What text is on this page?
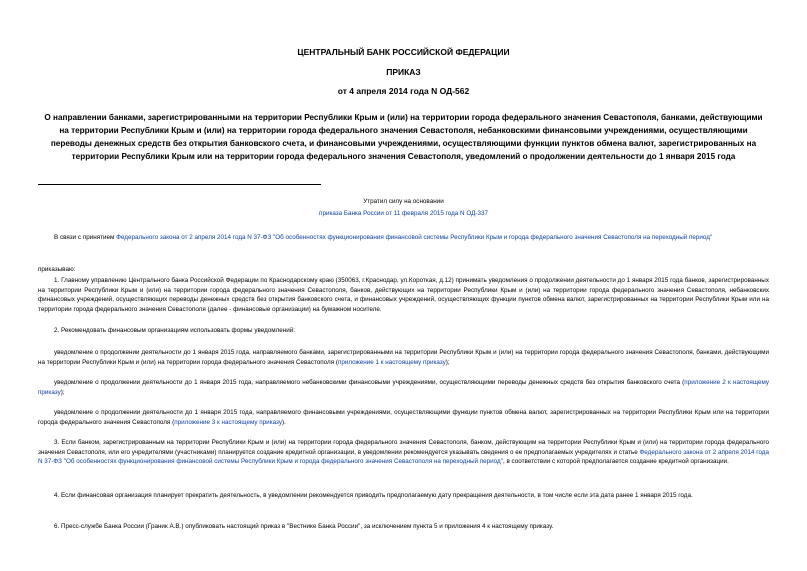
ЦЕНТРАЛЬНЫЙ БАНК РОССИЙСКОЙ ФЕДЕРАЦИИ
ПРИКАЗ
от 4 апреля 2014 года N ОД-562
О направлении банками, зарегистрированными на территории Республики Крым и (или) на территории города федерального значения Севастополя, банками, действующими на территории Республики Крым и (или) на территории города федерального значения Севастополя, небанковскими финансовыми учреждениями, осуществляющими переводы денежных средств без открытия банковского счета, и финансовыми учреждениями, осуществляющими функции пунктов обмена валют, зарегистрированных на территории Республики Крым или на территории города федерального значения Севастополя, уведомлений о продолжении деятельности до 1 января 2015 года
Утратил силу на основании
приказа Банка России от 11 февраля 2015 года N ОД-337
В связи с принятием Федерального закона от 2 апреля 2014 года N 37-ФЗ "Об особенностях функционирования финансовой системы Республики Крым и города федерального значения Севастополя на переходный период"
приказываю:
1. Главному управлению Центрального банка Российской Федерации по Краснодарскому краю (350063, г.Краснодар, ул.Короткая, д.12) принимать уведомления о продолжении деятельности до 1 января 2015 года банков, зарегистрированных на территории Республики Крым и (или) на территории города федерального значения Севастополя, банков, действующих на территории Республики Крым и (или) на территории города федерального значения Севастополя, небанковских финансовых учреждений, осуществляющих переводы денежных средств без открытия банковского счета, и финансовых учреждений, осуществляющих функции пунктов обмена валют, зарегистрированных на территории Республики Крым или на территории города федерального значения Севастополя (далее - финансовые организации) на бумажном носителе.
2. Рекомендовать финансовым организациям использовать формы уведомлений:
уведомление о продолжении деятельности до 1 января 2015 года, направляемого банками, зарегистрированными на территории Республики Крым и (или) на территории города федерального значения Севастополя, банками, действующими на территории Республики Крым и (или) на территории города федерального значения Севастополя (приложение 1 к настоящему приказу);
уведомление о продолжении деятельности до 1 января 2015 года, направляемого небанковскими финансовыми учреждениями, осуществляющими переводы денежных средств без открытия банковского счета (приложение 2 к настоящему приказу);
уведомление о продолжении деятельности до 1 января 2015 года, направляемого финансовыми учреждениями, осуществляющими функции пунктов обмена валют, зарегистрированных на территории Республики Крым или на территории города федерального значения Севастополя (приложение 3 к настоящему приказу).
3. Если банком, зарегистрированным на территории Республики Крым и (или) на территории города федерального значения Севастополя, банком, действующим на территории Республики Крым и (или) на территории города федерального значения Севастополя, или его учредителями (участниками) планируется создание кредитной организации, в уведомлении рекомендуется указывать сведения о ее предполагаемых учредителях и статье Федерального закона от 2 апреля 2014 года N 37-ФЗ "Об особенностях функционирования финансовой системы Республики Крым и города федерального значения Севастополя на переходный период", в соответствии с которой предполагается создание кредитной организации.
4. Если финансовая организация планирует прекратить деятельность, в уведомлении рекомендуется приводить предполагаемую дату прекращения деятельности, в том числе если эта дата ранее 1 января 2015 года.
6. Пресс-службе Банка России (Граник А.В.) опубликовать настоящий приказ в "Вестнике Банка России", за исключением пункта 5 и приложения 4 к настоящему приказу.
